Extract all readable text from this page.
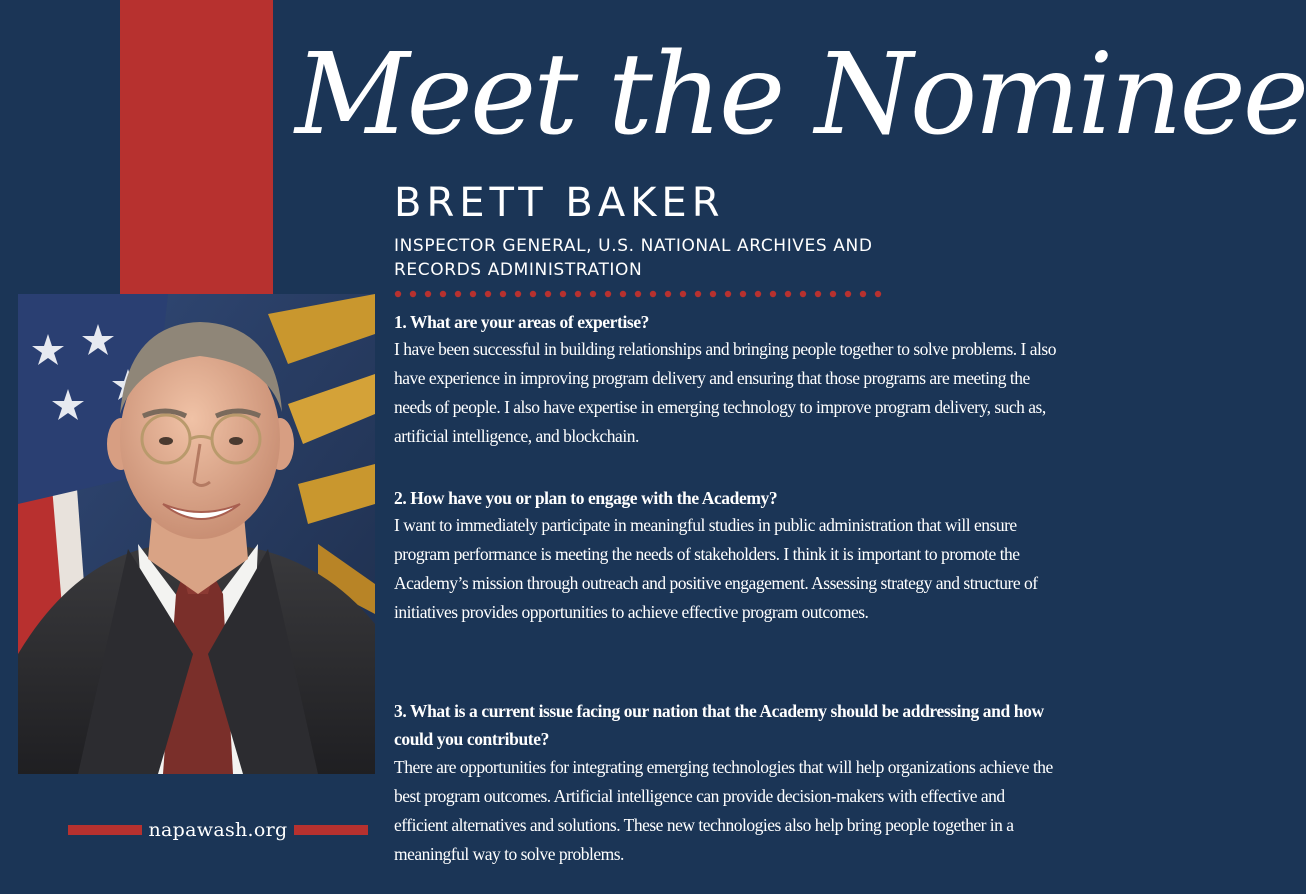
Meet the Nominee
BRETT BAKER
INSPECTOR GENERAL, U.S. NATIONAL ARCHIVES AND RECORDS ADMINISTRATION
1. What are your areas of expertise?
I have been successful in building relationships and bringing people together to solve problems. I also have experience in improving program delivery and ensuring that those programs are meeting the needs of people. I also have expertise in emerging technology to improve program delivery, such as, artificial intelligence, and blockchain.
2. How have you or plan to engage with the Academy?
I want to immediately participate in meaningful studies in public administration that will ensure program performance is meeting the needs of stakeholders. I think it is important to promote the Academy’s mission through outreach and positive engagement. Assessing strategy and structure of initiatives provides opportunities to achieve effective program outcomes.
3. What is a current issue facing our nation that the Academy should be addressing and how could you contribute?
There are opportunities for integrating emerging technologies that will help organizations achieve the best program outcomes. Artificial intelligence can provide decision-makers with effective and efficient alternatives and solutions. These new technologies also help bring people together in a meaningful way to solve problems.
napawash.org
